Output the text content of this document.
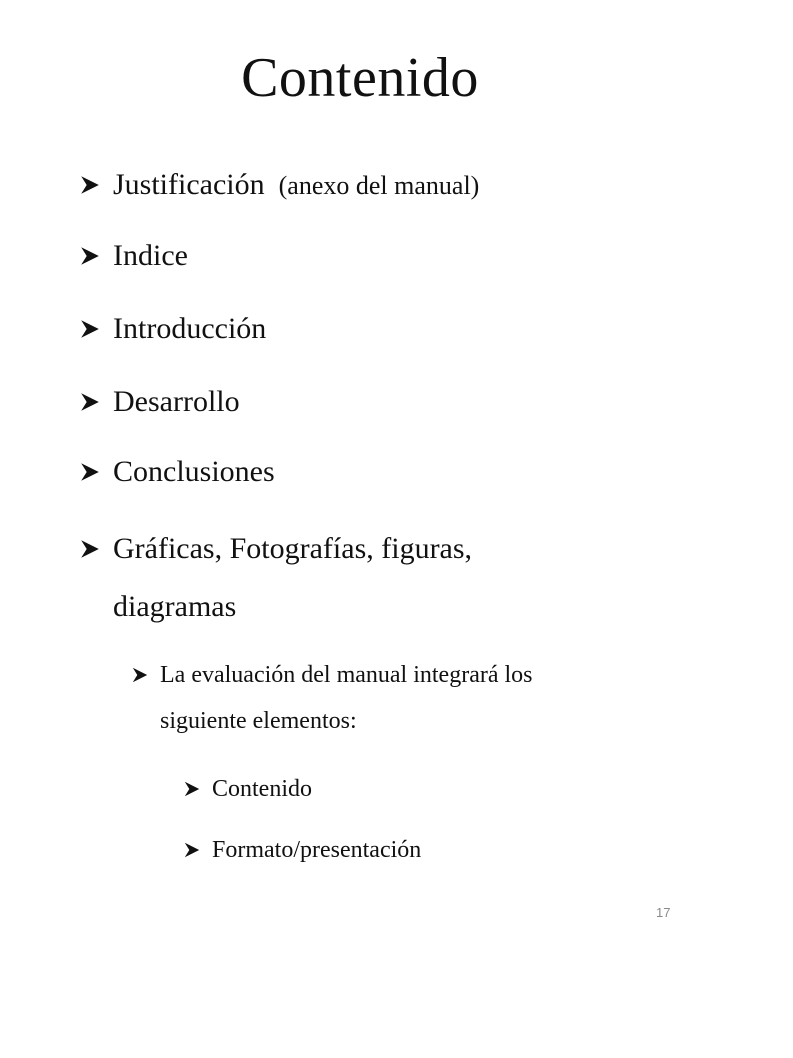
Contenido
Justificación (anexo del manual)
Indice
Introducción
Desarrollo
Conclusiones
Gráficas, Fotografías, figuras,
diagramas
La evaluación del manual integrará los
siguiente elementos:
Contenido
Formato/presentación
17
